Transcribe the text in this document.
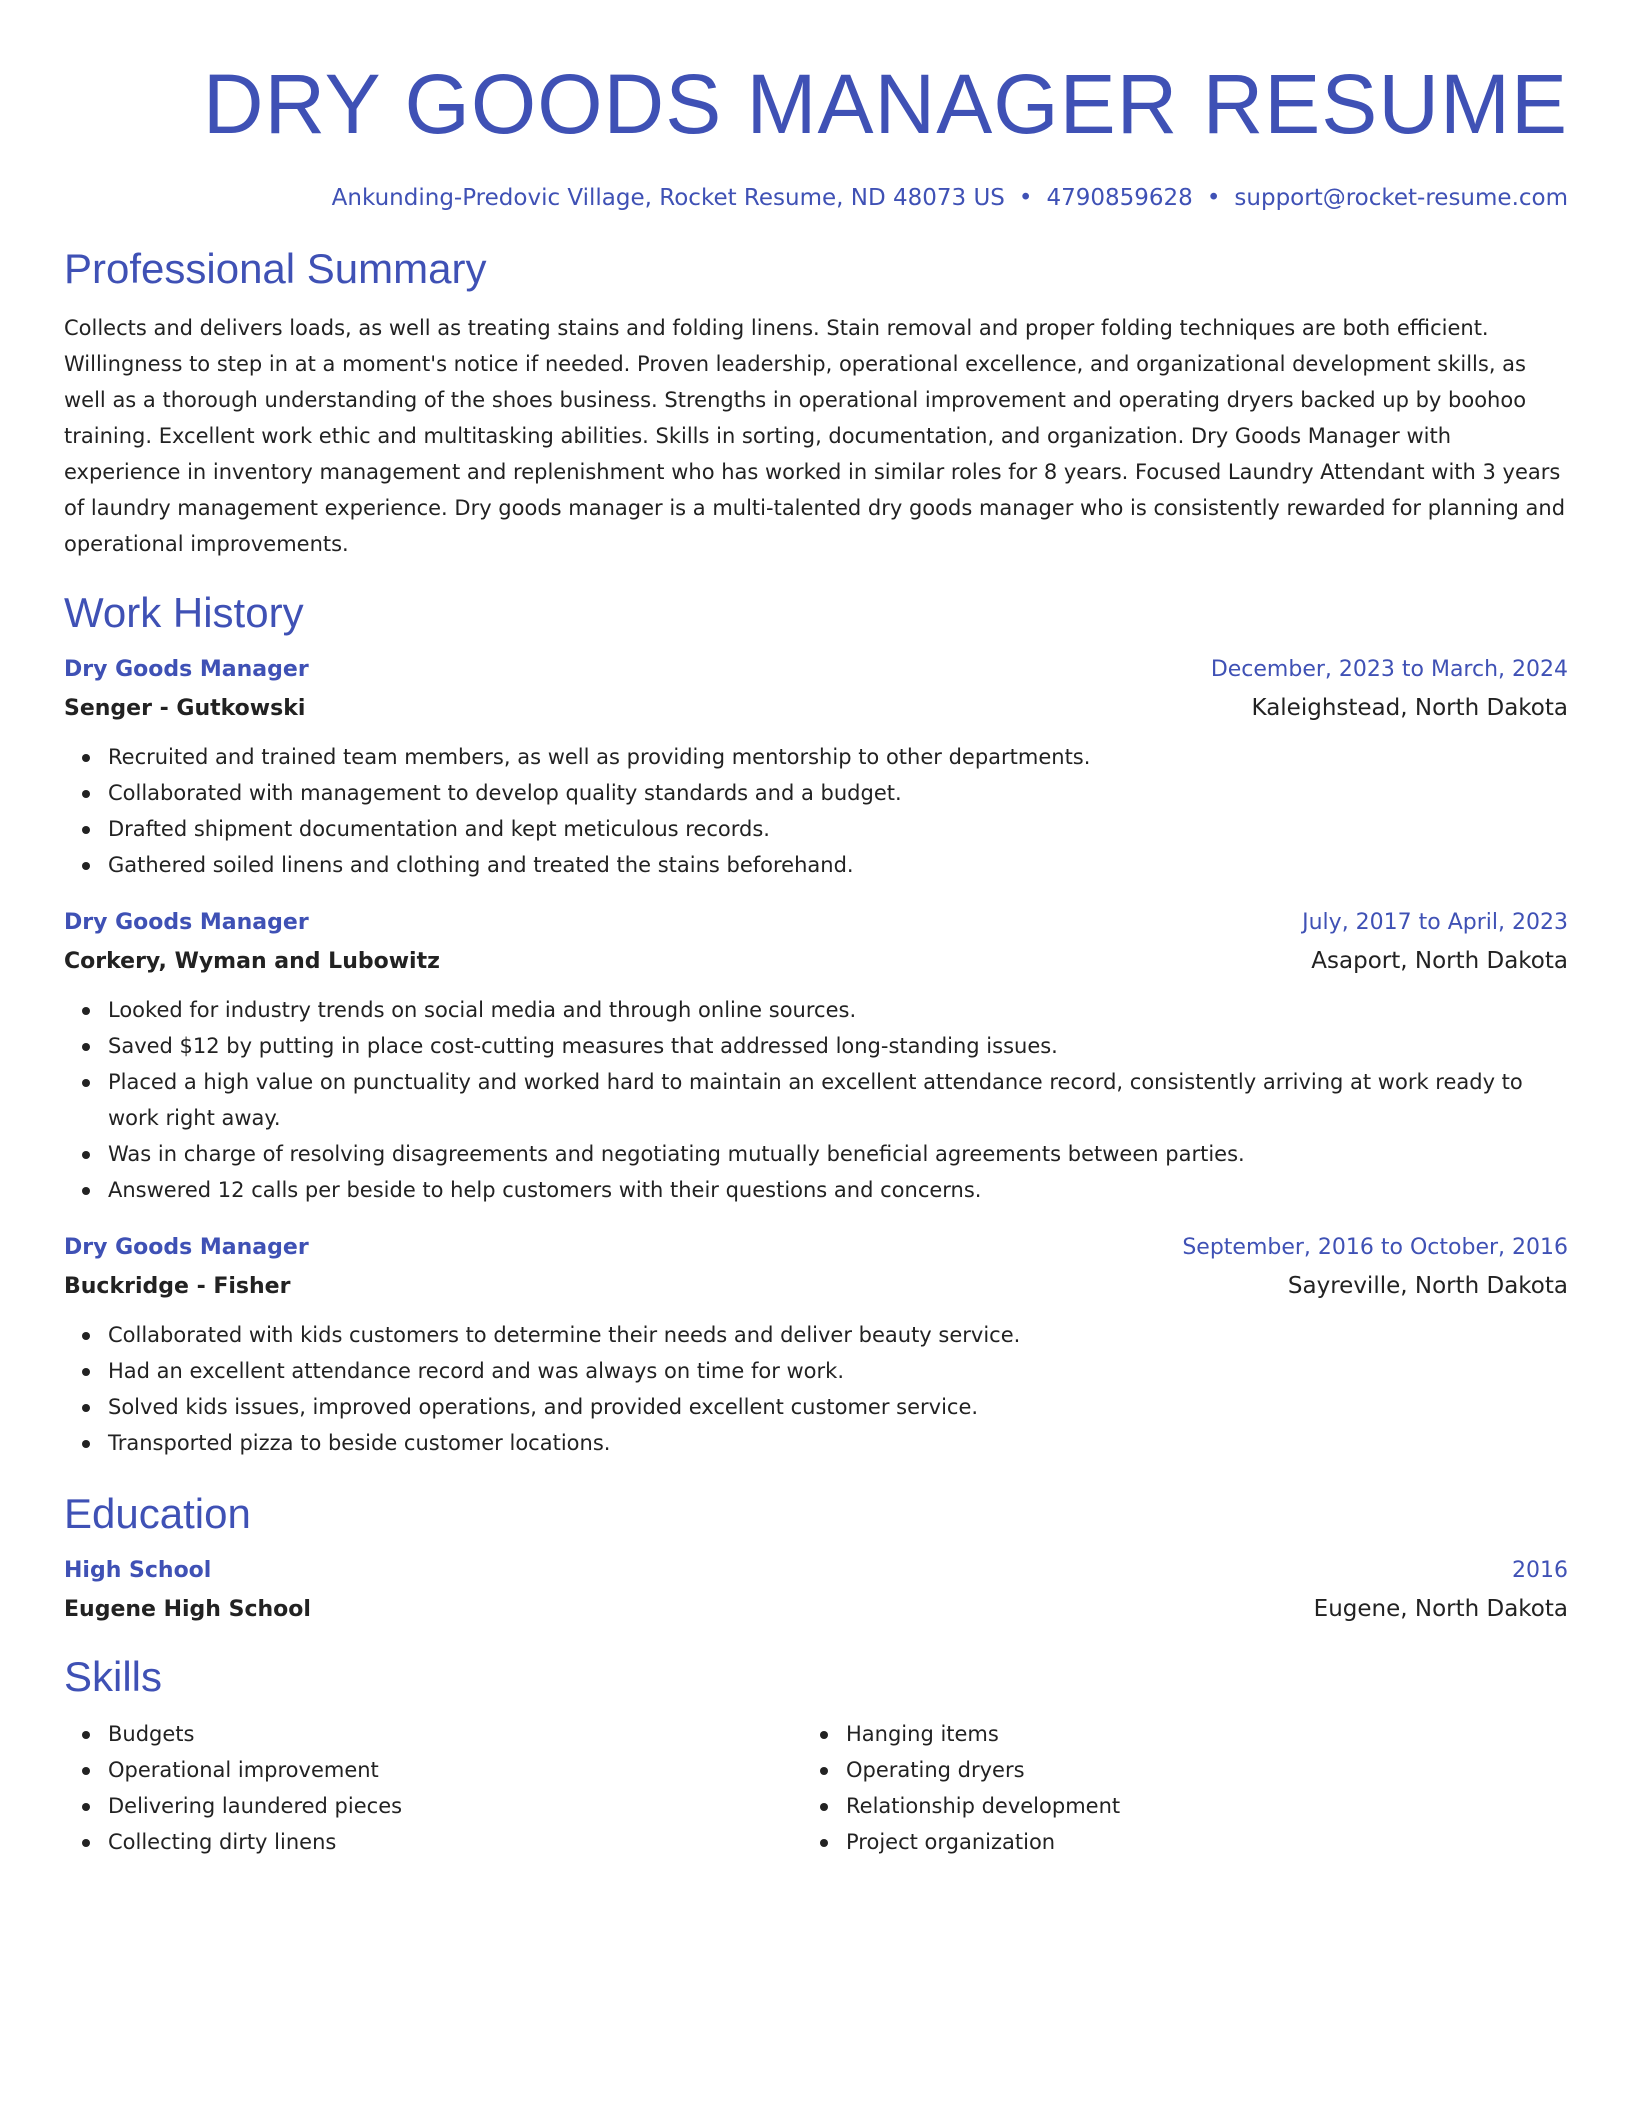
DRY GOODS MANAGER RESUME
Ankunding-Predovic Village, Rocket Resume, ND 48073 US • 4790859628 • support@rocket-resume.com
Professional Summary
Collects and delivers loads, as well as treating stains and folding linens. Stain removal and proper folding techniques are both efficient. Willingness to step in at a moment's notice if needed. Proven leadership, operational excellence, and organizational development skills, as well as a thorough understanding of the shoes business. Strengths in operational improvement and operating dryers backed up by boohoo training. Excellent work ethic and multitasking abilities. Skills in sorting, documentation, and organization. Dry Goods Manager with experience in inventory management and replenishment who has worked in similar roles for 8 years. Focused Laundry Attendant with 3 years of laundry management experience. Dry goods manager is a multi-talented dry goods manager who is consistently rewarded for planning and operational improvements.
Work History
Dry Goods Manager	December, 2023 to March, 2024
Senger - Gutkowski	Kaleighstead, North Dakota
Recruited and trained team members, as well as providing mentorship to other departments.
Collaborated with management to develop quality standards and a budget.
Drafted shipment documentation and kept meticulous records.
Gathered soiled linens and clothing and treated the stains beforehand.
Dry Goods Manager	July, 2017 to April, 2023
Corkery, Wyman and Lubowitz	Asaport, North Dakota
Looked for industry trends on social media and through online sources.
Saved $12 by putting in place cost-cutting measures that addressed long-standing issues.
Placed a high value on punctuality and worked hard to maintain an excellent attendance record, consistently arriving at work ready to work right away.
Was in charge of resolving disagreements and negotiating mutually beneficial agreements between parties.
Answered 12 calls per beside to help customers with their questions and concerns.
Dry Goods Manager	September, 2016 to October, 2016
Buckridge - Fisher	Sayreville, North Dakota
Collaborated with kids customers to determine their needs and deliver beauty service.
Had an excellent attendance record and was always on time for work.
Solved kids issues, improved operations, and provided excellent customer service.
Transported pizza to beside customer locations.
Education
High School	2016
Eugene High School	Eugene, North Dakota
Skills
Budgets
Operational improvement
Delivering laundered pieces
Collecting dirty linens
Hanging items
Operating dryers
Relationship development
Project organization
